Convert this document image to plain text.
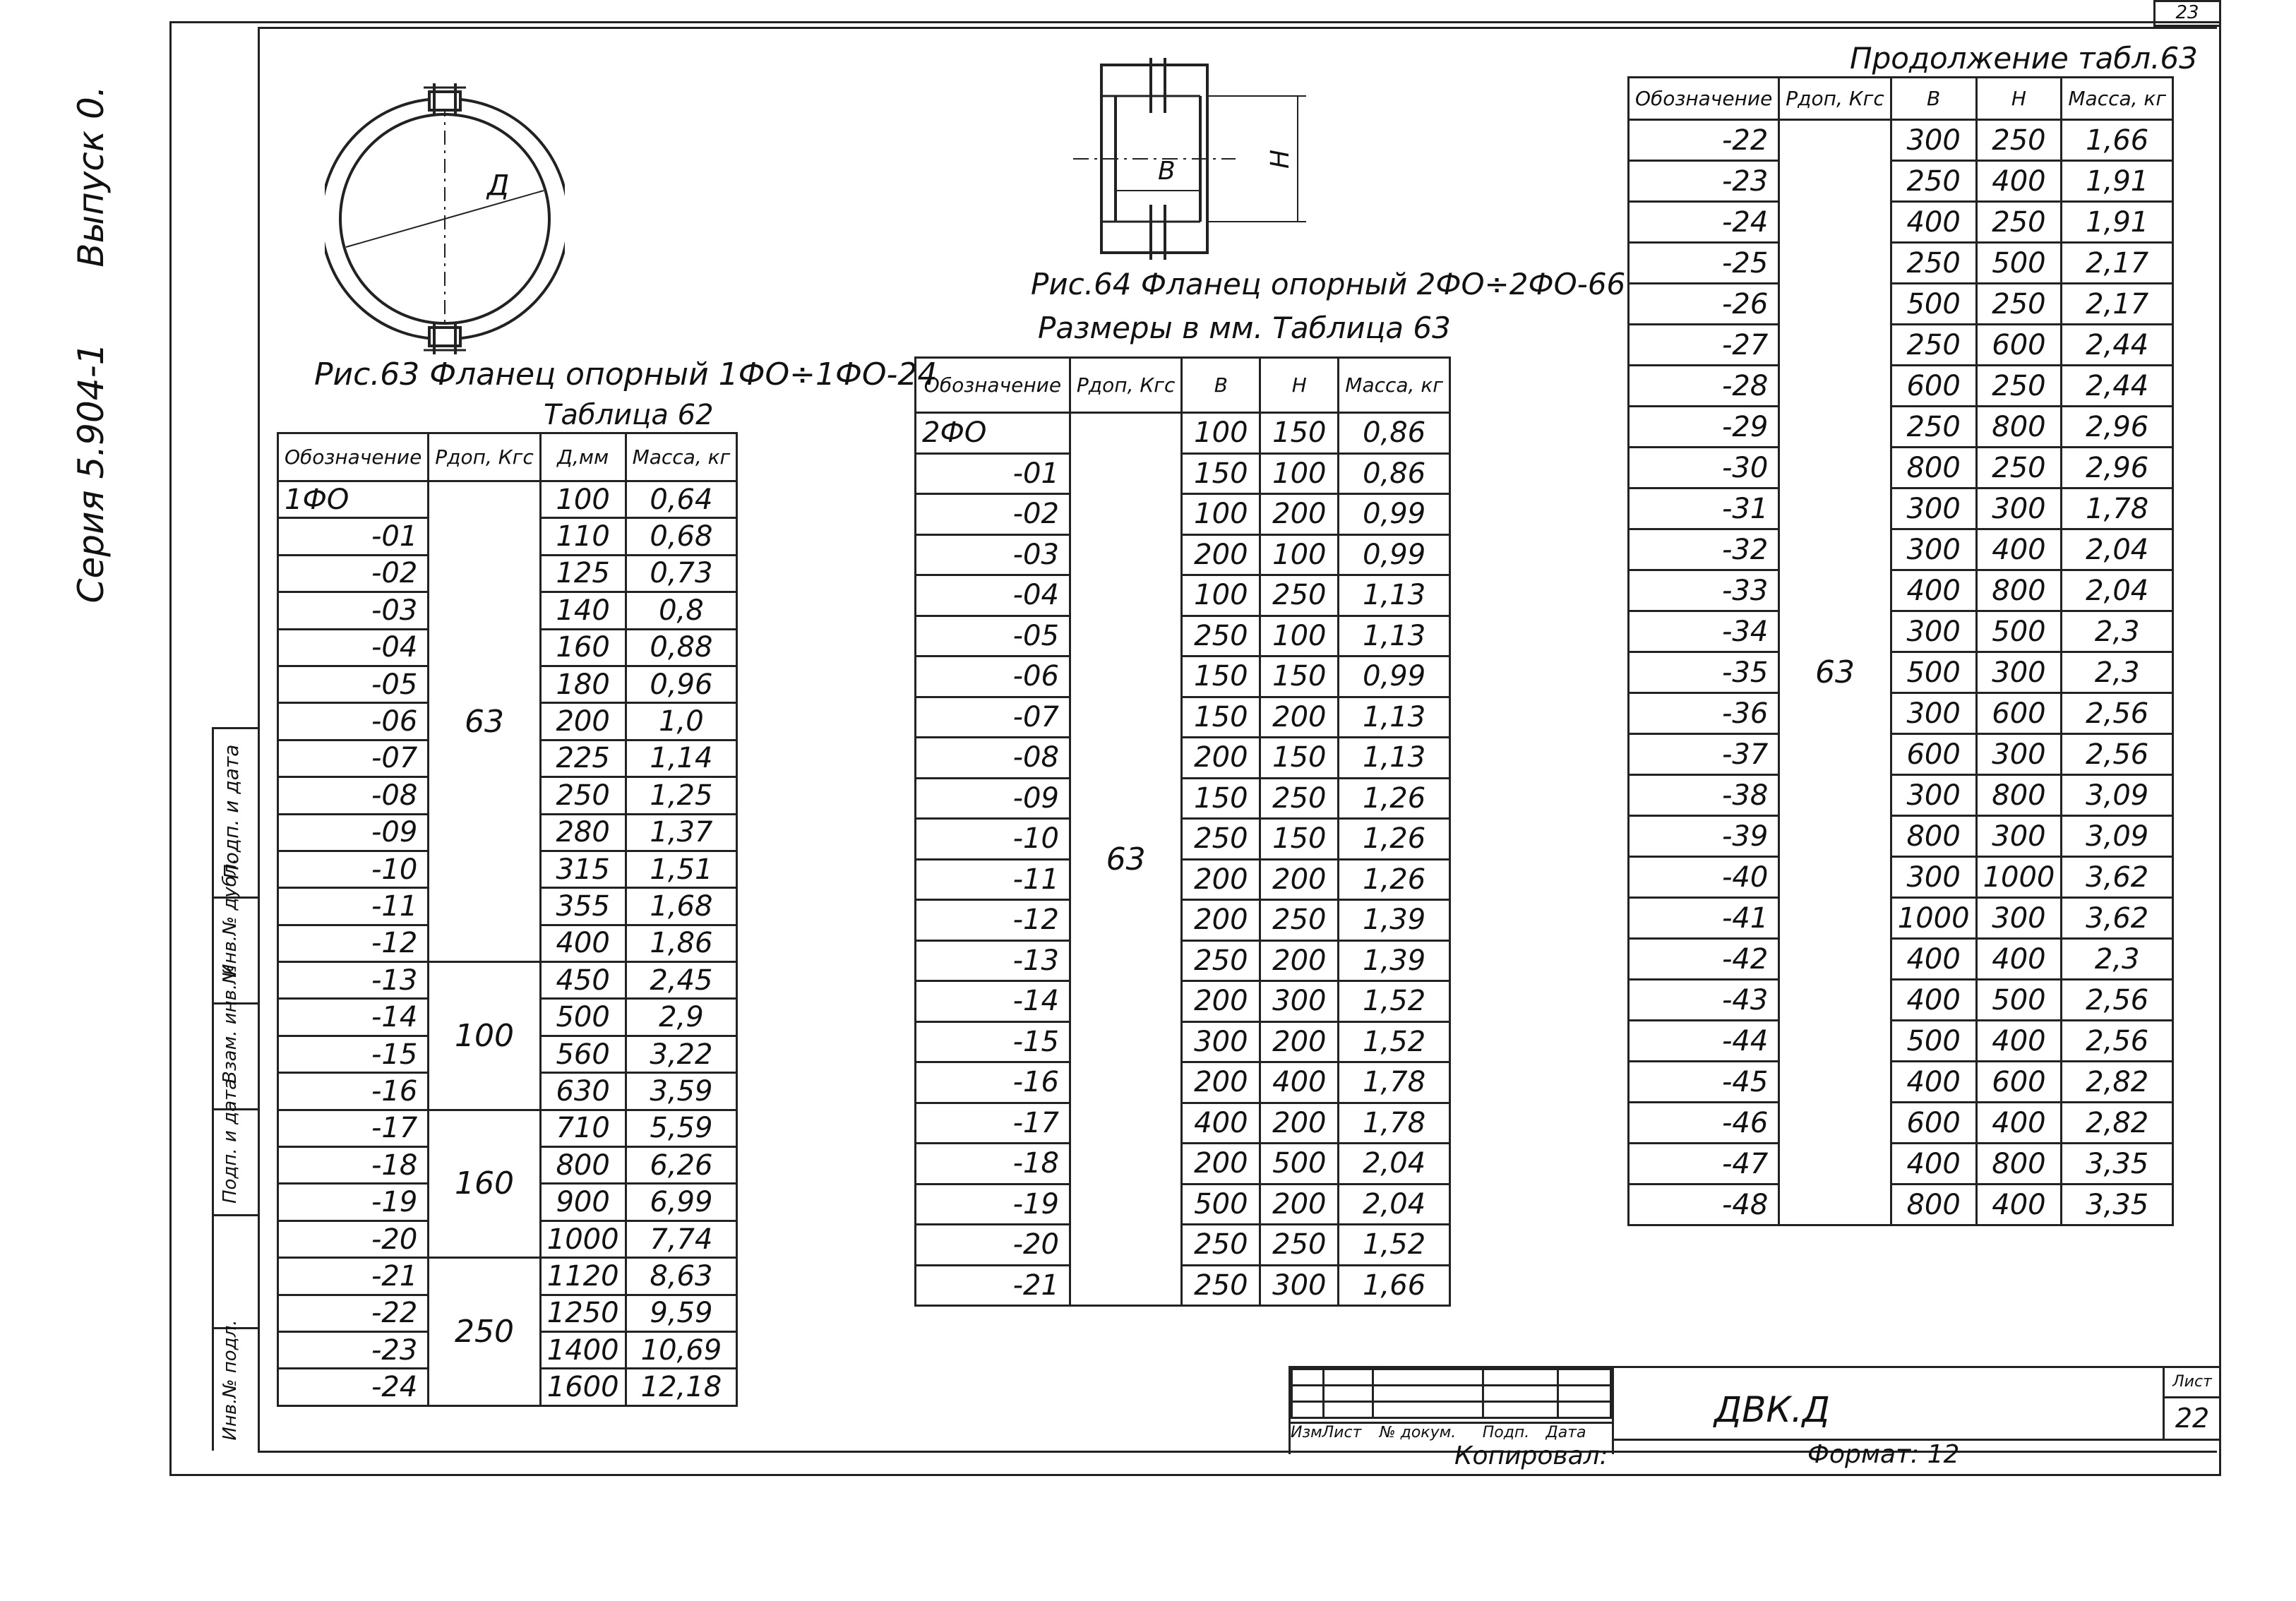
23
Серия 5.904-1
Выпуск 0.
Подп. и дата
Инв.№ дубл.
Взам. инв.№
Подп. и дата
Инв.№ подл.
Д
Рис.63 Фланец опорный 1ФО÷1ФО-24
Таблица 62
Обозначение	Рдоп, Кгс	Д,мм	Масса, кг
1ФО	63	100	0,64
-01		110	0,68
-02		125	0,73
-03		140	0,8
-04		160	0,88
-05		180	0,96
-06		200	1,0
-07		225	1,14
-08		250	1,25
-09		280	1,37
-10		315	1,51
-11		355	1,68
-12		400	1,86
-13	100	450	2,45
-14		500	2,9
-15		560	3,22
-16		630	3,59
-17	160	710	5,59
-18		800	6,26
-19		900	6,99
-20		1000	7,74
-21	250	1120	8,63
-22		1250	9,59
-23		1400	10,69
-24		1600	12,18
В	Н
Рис.64 Фланец опорный 2ФО÷2ФО-66
Размеры в мм. Таблица 63
Обозначение	Рдоп, Кгс	В	Н	Масса, кг
2ФО	63	100	150	0,86
-01		150	100	0,86
-02		100	200	0,99
-03		200	100	0,99
-04		100	250	1,13
-05		250	100	1,13
-06		150	150	0,99
-07		150	200	1,13
-08		200	150	1,13
-09		150	250	1,26
-10		250	150	1,26
-11		200	200	1,26
-12		200	250	1,39
-13		250	200	1,39
-14		200	300	1,52
-15		300	200	1,52
-16		200	400	1,78
-17		400	200	1,78
-18		200	500	2,04
-19		500	200	2,04
-20		250	250	1,52
-21		250	300	1,66
Продолжение табл.63
Обозначение	Рдоп, Кгс	В	Н	Масса, кг
-22	63	300	250	1,66
-23		250	400	1,91
-24		400	250	1,91
-25		250	500	2,17
-26		500	250	2,17
-27		250	600	2,44
-28		600	250	2,44
-29		250	800	2,96
-30		800	250	2,96
-31		300	300	1,78
-32		300	400	2,04
-33		400	800	2,04
-34		300	500	2,3
-35		500	300	2,3
-36		300	600	2,56
-37		600	300	2,56
-38		300	800	3,09
-39		800	300	3,09
-40		300	1000	3,62
-41		1000	300	3,62
-42		400	400	2,3
-43		400	500	2,56
-44		500	400	2,56
-45		400	600	2,82
-46		600	400	2,82
-47		400	800	3,35
-48		800	400	3,35

Изм Лист	№ докум.	Подп.	Дата
ДВК.Д
Лист
22
Копировал:	Формат: 12
